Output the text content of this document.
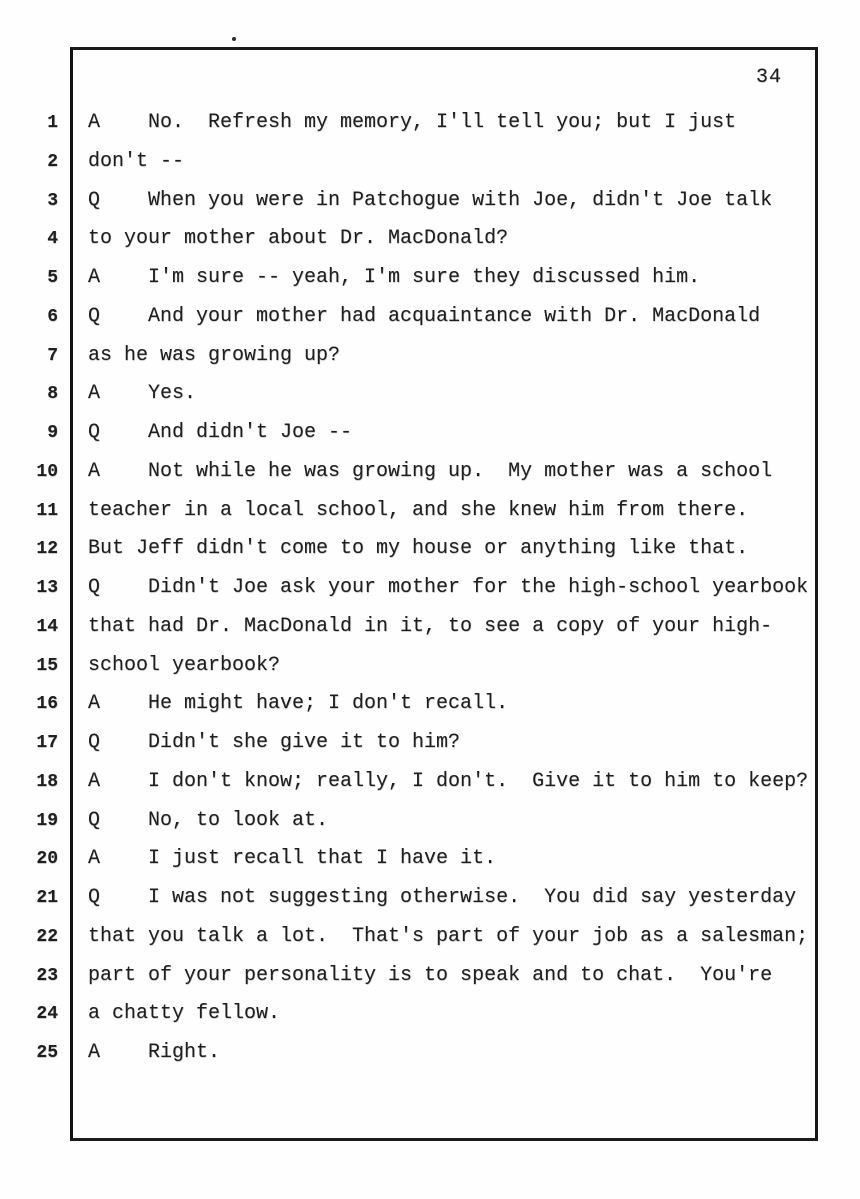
34
1 A    No.  Refresh my memory, I'll tell you; but I just
2 don't --
3 Q    When you were in Patchogue with Joe, didn't Joe talk
4 to your mother about Dr. MacDonald?
5 A    I'm sure -- yeah, I'm sure they discussed him.
6 Q    And your mother had acquaintance with Dr. MacDonald
7 as he was growing up?
8 A    Yes.
9 Q    And didn't Joe --
10 A    Not while he was growing up.  My mother was a school
11 teacher in a local school, and she knew him from there.
12 But Jeff didn't come to my house or anything like that.
13 Q    Didn't Joe ask your mother for the high-school yearbook
14 that had Dr. MacDonald in it, to see a copy of your high-
15 school yearbook?
16 A    He might have; I don't recall.
17 Q    Didn't she give it to him?
18 A    I don't know; really, I don't.  Give it to him to keep?
19 Q    No, to look at.
20 A    I just recall that I have it.
21 Q    I was not suggesting otherwise.  You did say yesterday
22 that you talk a lot.  That's part of your job as a salesman;
23 part of your personality is to speak and to chat.  You're
24 a chatty fellow.
25 A    Right.
